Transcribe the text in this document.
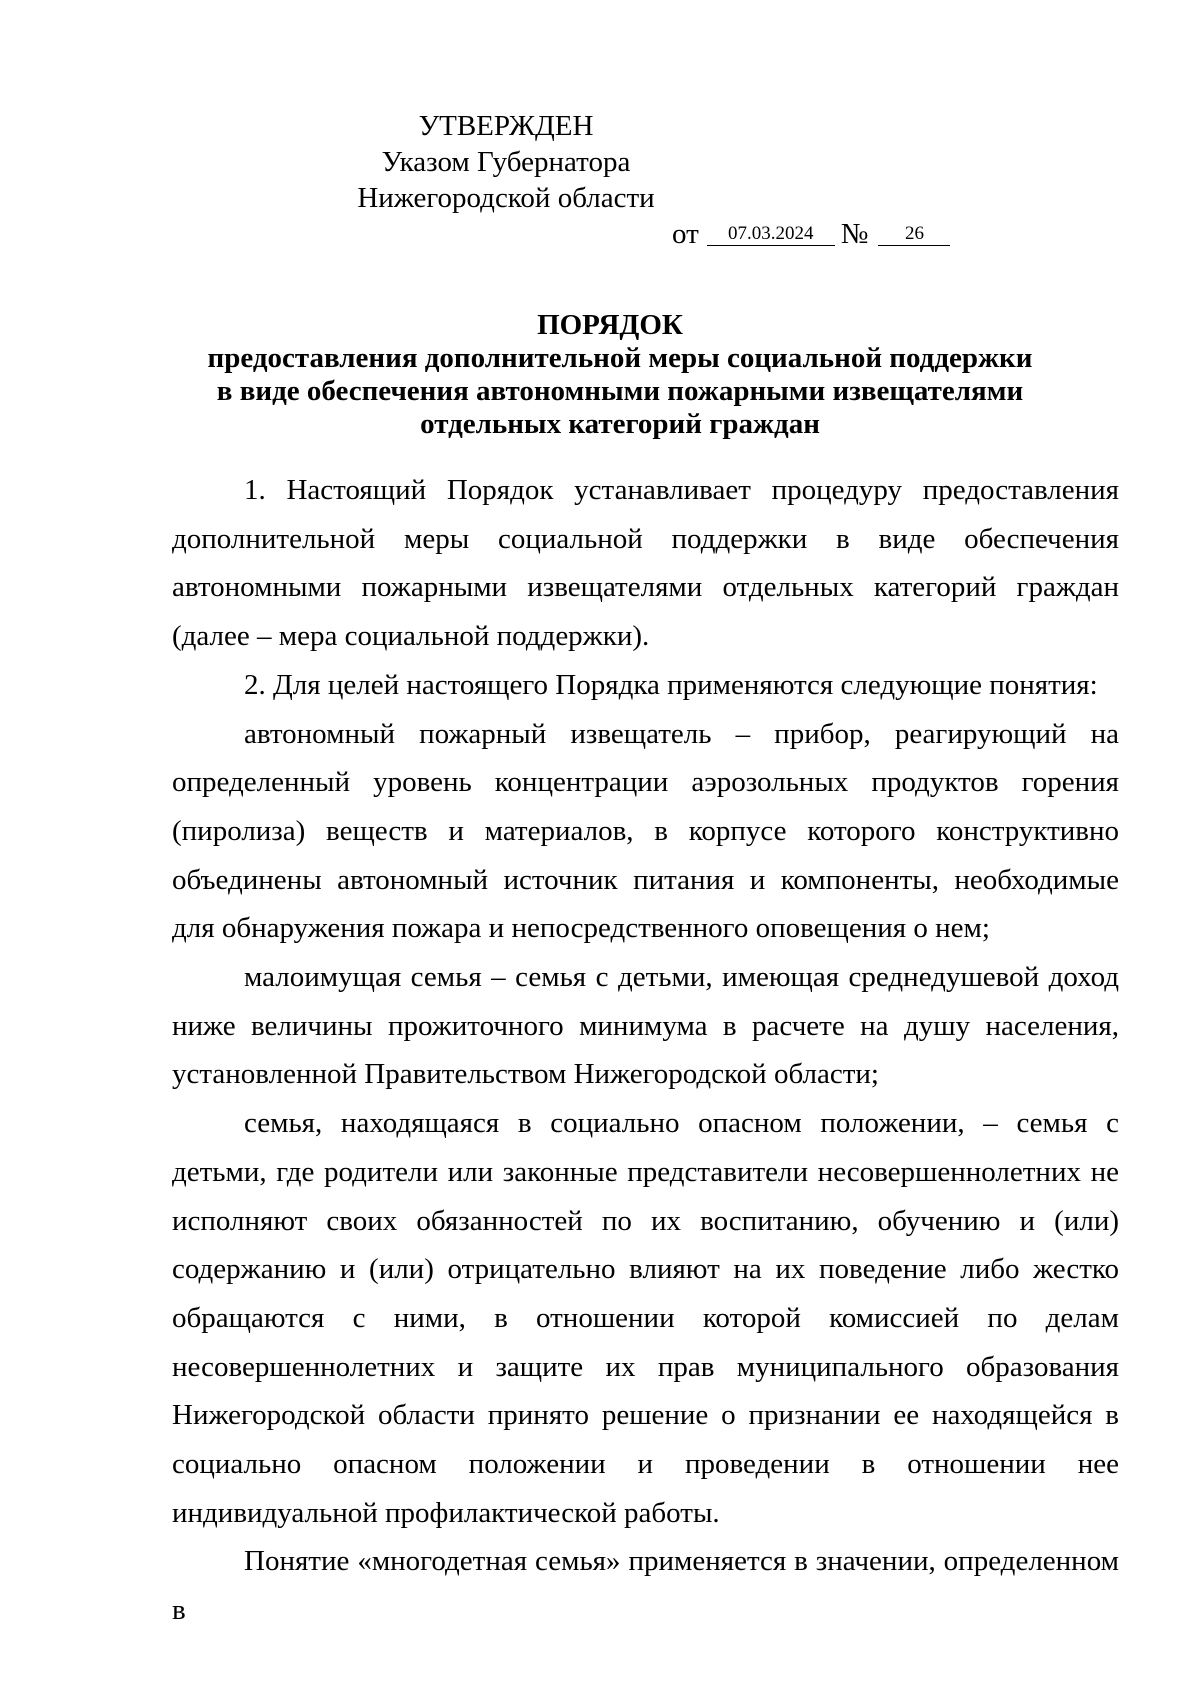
УТВЕРЖДЕН
Указом Губернатора
Нижегородской области
от 07.03.2024 № 26
ПОРЯДОК
предоставления дополнительной меры социальной поддержки в виде обеспечения автономными пожарными извещателями отдельных категорий граждан

1. Настоящий Порядок устанавливает процедуру предоставления дополнительной меры социальной поддержки в виде обеспечения автономными пожарными извещателями отдельных категорий граждан (далее – мера социальной поддержки).

2. Для целей настоящего Порядка применяются следующие понятия:

автономный пожарный извещатель – прибор, реагирующий на определенный уровень концентрации аэрозольных продуктов горения (пиролиза) веществ и материалов, в корпусе которого конструктивно объединены автономный источник питания и компоненты, необходимые для обнаружения пожара и непосредственного оповещения о нем;

малоимущая семья – семья с детьми, имеющая среднедушевой доход ниже величины прожиточного минимума в расчете на душу населения, установленной Правительством Нижегородской области;

семья, находящаяся в социально опасном положении, – семья с детьми, где родители или законные представители несовершеннолетних не исполняют своих обязанностей по их воспитанию, обучению и (или) содержанию и (или) отрицательно влияют на их поведение либо жестко обращаются с ними, в отношении которой комиссией по делам несовершеннолетних и защите их прав муниципального образования Нижегородской области принято решение о признании ее находящейся в социально опасном положении и проведении в отношении нее индивидуальной профилактической работы.

Понятие «многодетная семья» применяется в значении, определенном в
